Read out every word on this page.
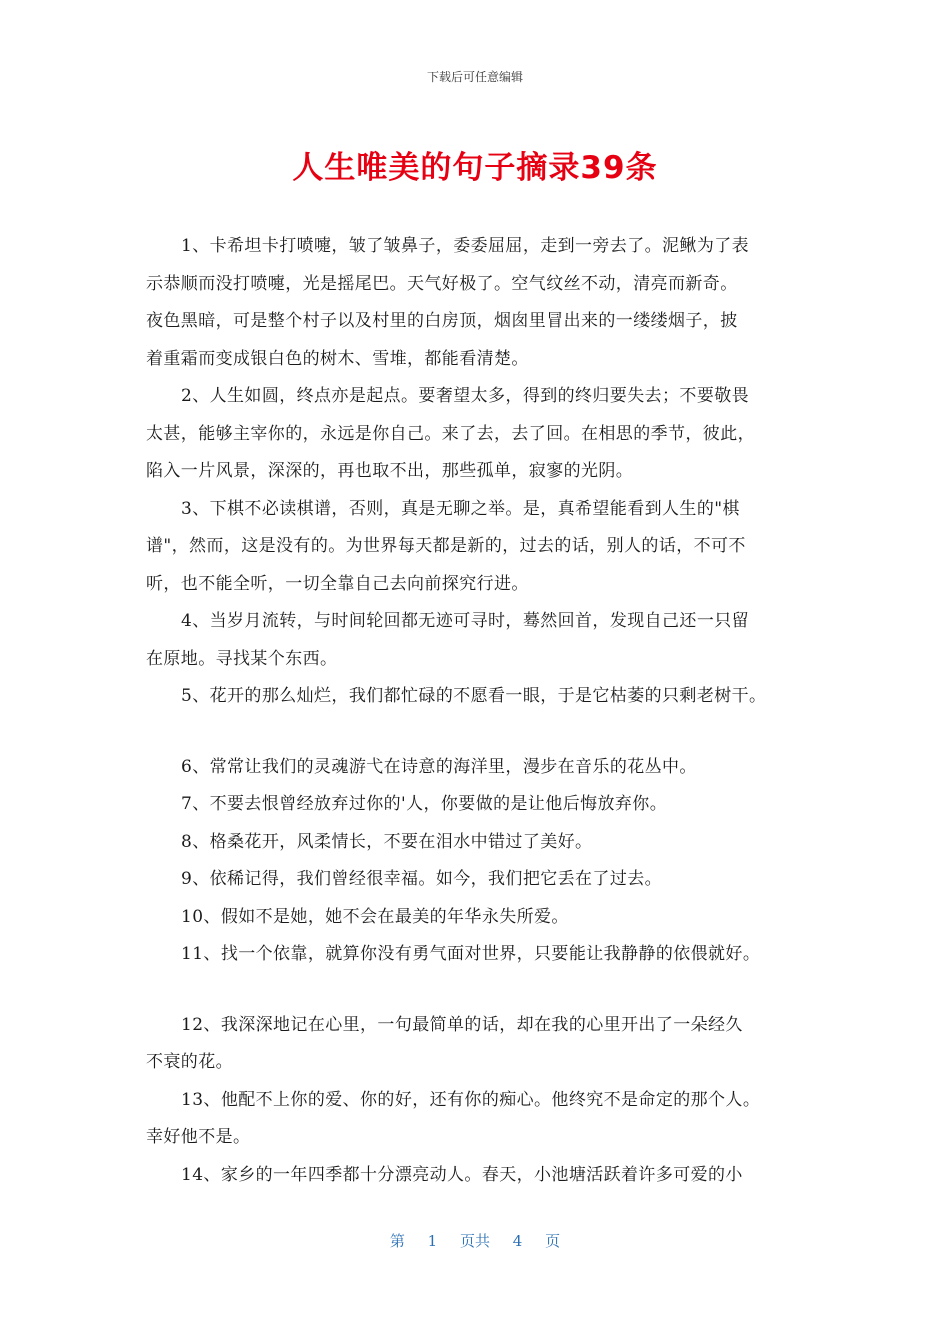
下载后可任意编辑
人生唯美的句子摘录39条
1、卡希坦卡打喷嚏，皱了皱鼻子，委委屈屈，走到一旁去了。泥鳅为了表
示恭顺而没打喷嚏，光是摇尾巴。天气好极了。空气纹丝不动，清亮而新奇。
夜色黑暗，可是整个村子以及村里的白房顶，烟囱里冒出来的一缕缕烟子，披
着重霜而变成银白色的树木、雪堆，都能看清楚。
2、人生如圆，终点亦是起点。要奢望太多，得到的终归要失去；不要敬畏
太甚，能够主宰你的，永远是你自己。来了去，去了回。在相思的季节，彼此，
陷入一片风景，深深的，再也取不出，那些孤单，寂寥的光阴。
3、下棋不必读棋谱，否则，真是无聊之举。是，真希望能看到人生的"棋
谱"，然而，这是没有的。为世界每天都是新的，过去的话，别人的话，不可不
听，也不能全听，一切全靠自己去向前探究行进。
4、当岁月流转，与时间轮回都无迹可寻时，蓦然回首，发现自己还一只留
在原地。寻找某个东西。
5、花开的那么灿烂，我们都忙碌的不愿看一眼，于是它枯萎的只剩老树干。
6、常常让我们的灵魂游弋在诗意的海洋里，漫步在音乐的花丛中。
7、不要去恨曾经放弃过你的'人，你要做的是让他后悔放弃你。
8、格桑花开，风柔情长，不要在泪水中错过了美好。
9、依稀记得，我们曾经很幸福。如今，我们把它丢在了过去。
10、假如不是她，她不会在最美的年华永失所爱。
11、找一个依靠，就算你没有勇气面对世界，只要能让我静静的依偎就好。
12、我深深地记在心里，一句最简单的话，却在我的心里开出了一朵经久
不衰的花。
13、他配不上你的爱、你的好，还有你的痴心。他终究不是命定的那个人。
幸好他不是。
14、家乡的一年四季都十分漂亮动人。春天，小池塘活跃着许多可爱的小
第 1 页共 4 页
